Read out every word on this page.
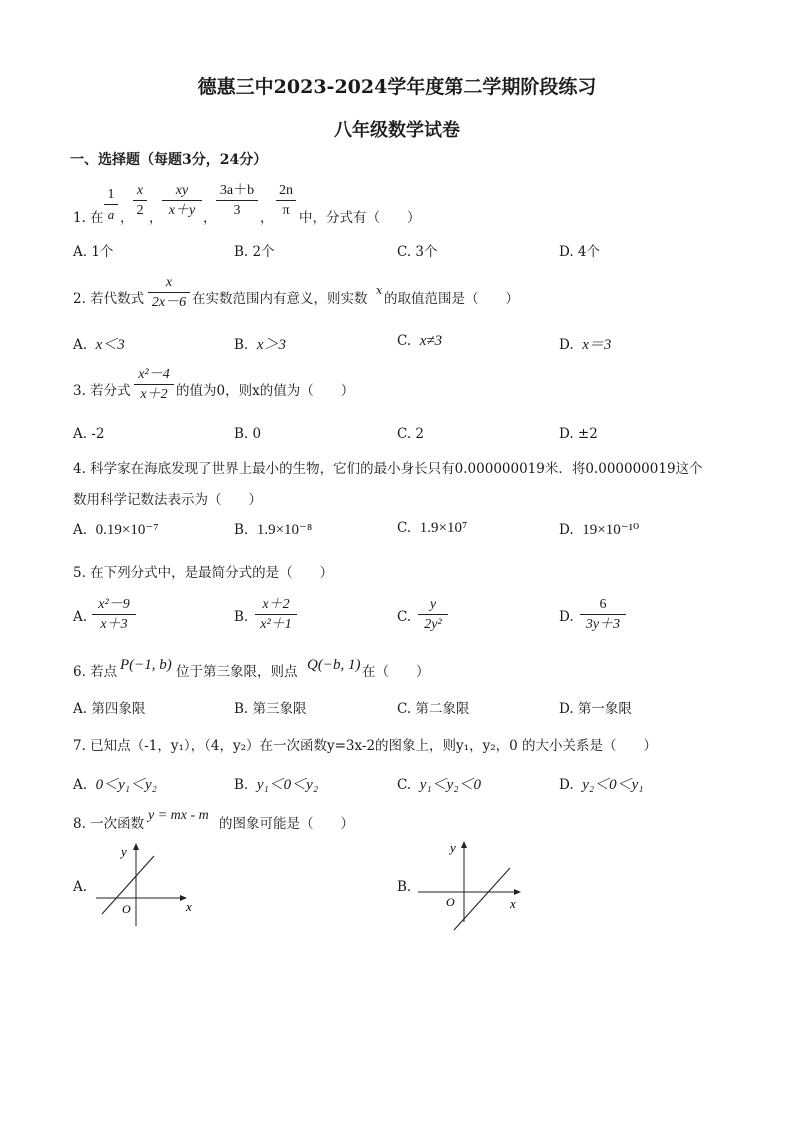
德惠三中2023-2024学年度第二学期阶段练习
八年级数学试卷
一、选择题（每题3分，24分）
1. 在
1
a ，
x
2 ，
xy
x＋y ，
3a＋b
3	，
2n
π 中，分式有（　　）
A. 1个	B. 2个	C. 3个	D. 4个
2. 若代数式
x
2x－6 在实数范围内有意义，则实数
x
的取值范围是（　　）
A. x＜3	B. x＞3	C. x≠3	D. x＝3
3. 若分式
x²－4
x＋2 的值为0，则x的值为（　　）
A. -2	B. 0	C. 2	D. ±2
4. 科学家在海底发现了世界上最小的生物，它们的最小身长只有0.000000019米．将0.000000019这个
数用科学记数法表示为（　　）
A. 0.19×10⁻⁷	B. 1.9×10⁻⁸	C. 1.9×10⁷	D. 19×10⁻¹⁰
5. 在下列分式中，是最简分式的是（　　）
A.
x²－9
x＋3	B.
x＋2
x²＋1	C.
y
2y²	D.
6
3y＋3
6. 若点 P(−1, b) 位于第三象限，则点 Q(−b, 1) 在（　　）
A. 第四象限	B. 第三象限	C. 第二象限	D. 第一象限
7. 已知点（-1，y₁），（4，y₂）在一次函数y=3x-2的图象上，则y₁，y₂，0 的大小关系是（　　）
A. 0＜y₁＜y₂	B. y₁＜0＜y₂	C. y₁＜y₂＜0	D. y₂＜0＜y₁
8. 一次函数
y = mx - m
的图象可能是（　　）
A.
y
x
O
B.
y
x
O
